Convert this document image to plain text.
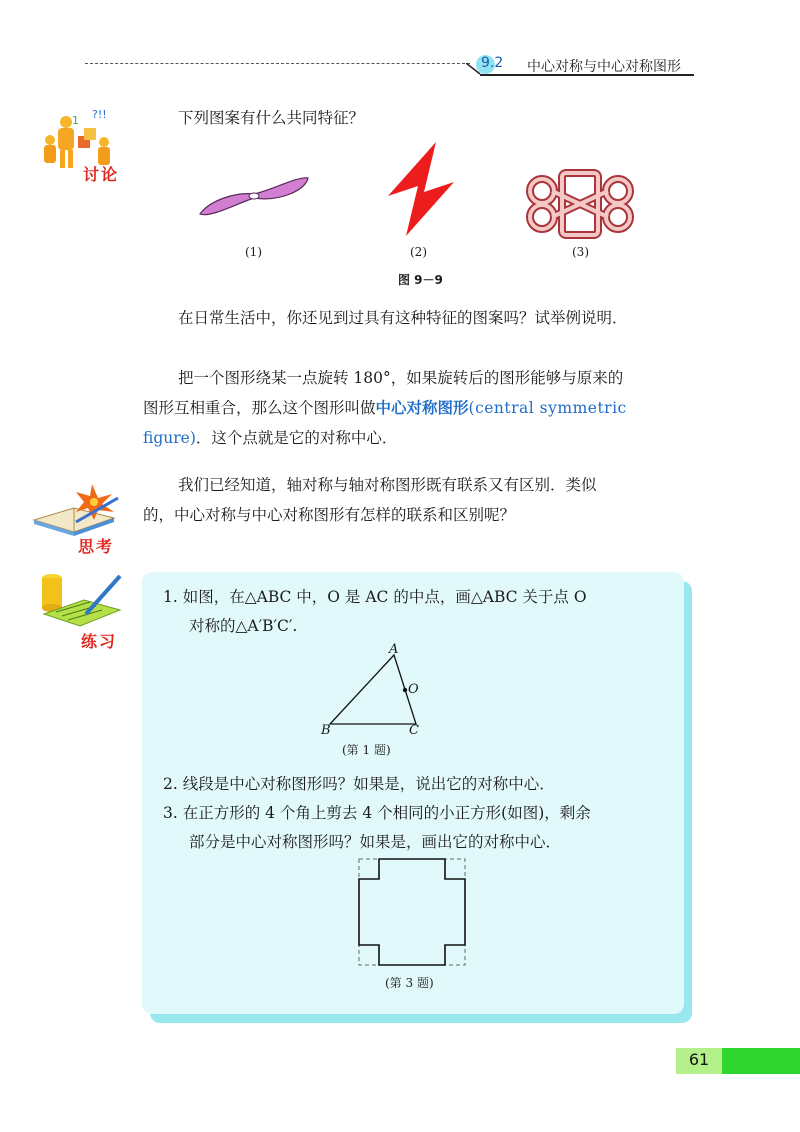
9.2 中心对称与中心对称图形
?!!
1
讨论
下列图案有什么共同特征？
(1)	(2)	(3)
图 9－9
在日常生活中，你还见到过具有这种特征的图案吗？试举例说明．
把一个图形绕某一点旋转 180°，如果旋转后的图形能够与原来的
图形互相重合，那么这个图形叫做中心对称图形(central symmetric
figure)．这个点就是它的对称中心．
思考
我们已经知道，轴对称与轴对称图形既有联系又有区别．类似
的，中心对称与中心对称图形有怎样的联系和区别呢？
练习
1. 如图，在△ABC 中，O 是 AC 的中点，画△ABC 关于点 O
对称的△A′B′C′.
A
O
B	C
(第 1 题)
2. 线段是中心对称图形吗？如果是，说出它的对称中心．
3. 在正方形的 4 个角上剪去 4 个相同的小正方形(如图)，剩余
部分是中心对称图形吗？如果是，画出它的对称中心．
(第 3 题)
61
